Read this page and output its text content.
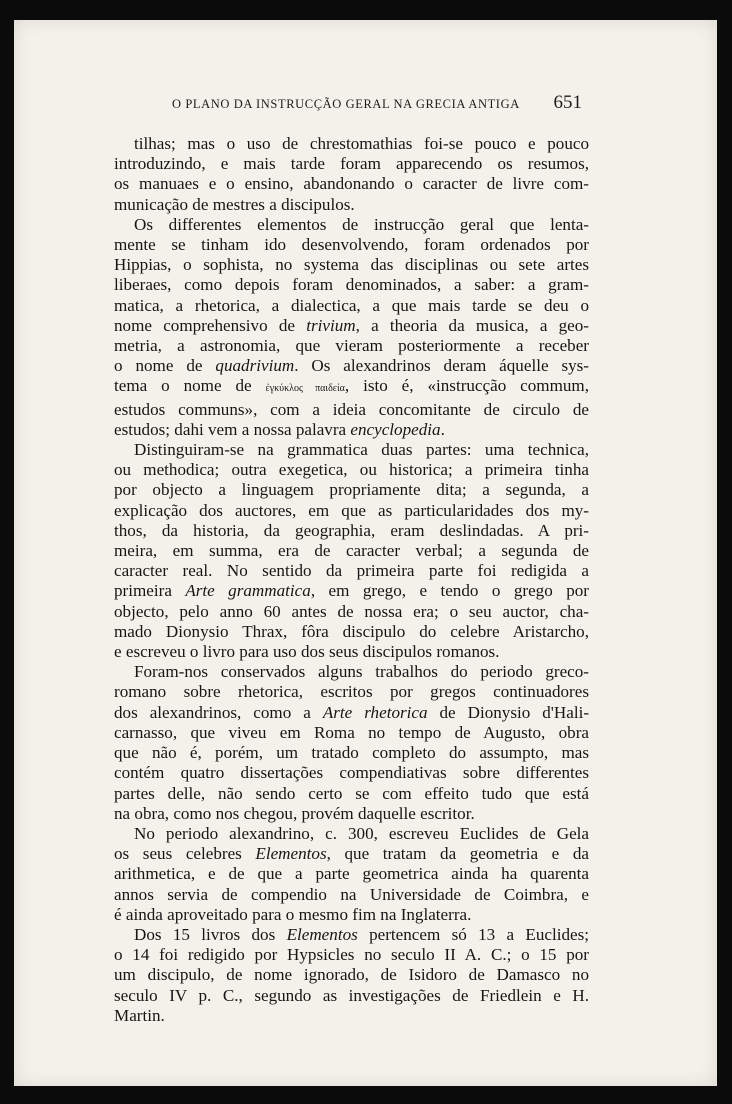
O PLANO DA INSTRUCÇÃO GERAL NA GRECIA ANTIGA 651
tilhas; mas o uso de chrestomathias foi-se pouco e pouco
introduzindo, e mais tarde foram apparecendo os resumos,
os manuaes e o ensino, abandonando o caracter de livre com-
municação de mestres a discipulos.
Os differentes elementos de instrucção geral que lenta-
mente se tinham ido desenvolvendo, foram ordenados por
Hippias, o sophista, no systema das disciplinas ou sete artes
liberaes, como depois foram denominados, a saber: a gram-
matica, a rhetorica, a dialectica, a que mais tarde se deu o
nome comprehensivo de trivium, a theoria da musica, a geo-
metria, a astronomia, que vieram posteriormente a receber
o nome de quadrivium. Os alexandrinos deram áquelle sys-
tema o nome de ἐγκύκλος παιδεία, isto é, «instrucção commum,
estudos communs», com a ideia concomitante de circulo de
estudos; dahi vem a nossa palavra encyclopedia.
Distinguiram-se na grammatica duas partes: uma technica,
ou methodica; outra exegetica, ou historica; a primeira tinha
por objecto a linguagem propriamente dita; a segunda, a
explicação dos auctores, em que as particularidades dos my-
thos, da historia, da geographia, eram deslindadas. A pri-
meira, em summa, era de caracter verbal; a segunda de
caracter real. No sentido da primeira parte foi redigida a
primeira Arte grammatica, em grego, e tendo o grego por
objecto, pelo anno 60 antes de nossa era; o seu auctor, cha-
mado Dionysio Thrax, fôra discipulo do celebre Aristarcho,
e escreveu o livro para uso dos seus discipulos romanos.
Foram-nos conservados alguns trabalhos do periodo greco-
romano sobre rhetorica, escritos por gregos continuadores
dos alexandrinos, como a Arte rhetorica de Dionysio d'Hali-
carnasso, que viveu em Roma no tempo de Augusto, obra
que não é, porém, um tratado completo do assumpto, mas
contém quatro dissertações compendiativas sobre differentes
partes delle, não sendo certo se com effeito tudo que está
na obra, como nos chegou, provém daquelle escritor.
No periodo alexandrino, c. 300, escreveu Euclides de Gela
os seus celebres Elementos, que tratam da geometria e da
arithmetica, e de que a parte geometrica ainda ha quarenta
annos servia de compendio na Universidade de Coimbra, e
é ainda aproveitado para o mesmo fim na Inglaterra.
Dos 15 livros dos Elementos pertencem só 13 a Euclides;
o 14 foi redigido por Hypsicles no seculo II A. C.; o 15 por
um discipulo, de nome ignorado, de Isidoro de Damasco no
seculo IV p. C., segundo as investigações de Friedlein e H.
Martin.
